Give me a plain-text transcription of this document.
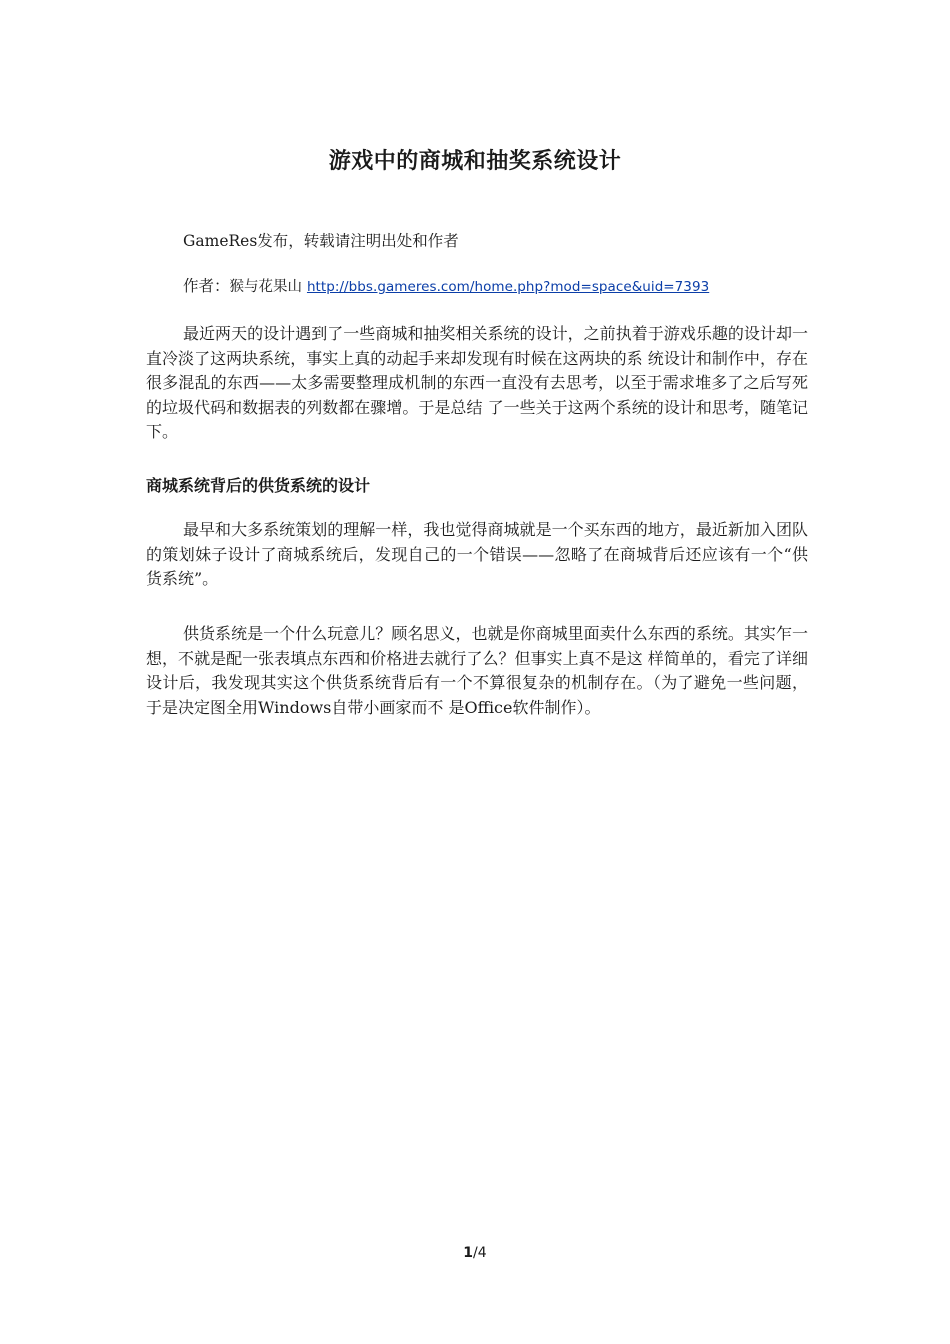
游戏中的商城和抽奖系统设计
GameRes发布，转载请注明出处和作者
作者：猴与花果山 http://bbs.gameres.com/home.php?mod=space&uid=7393

最近两天的设计遇到了一些商城和抽奖相关系统的设计，之前执着于游戏乐趣的设计却一直冷淡了这两块系统，事实上真的动起手来却发现有时候在这两块的系 统设计和制作中，存在很多混乱的东西——太多需要整理成机制的东西一直没有去思考，以至于需求堆多了之后写死的垃圾代码和数据表的列数都在骤增。于是总结 了一些关于这两个系统的设计和思考，随笔记下。

商城系统背后的供货系统的设计

最早和大多系统策划的理解一样，我也觉得商城就是一个买东西的地方，最近新加入团队的策划妹子设计了商城系统后，发现自己的一个错误——忽略了在商城背后还应该有一个“供货系统”。

供货系统是一个什么玩意儿？顾名思义，也就是你商城里面卖什么东西的系统。其实乍一想，不就是配一张表填点东西和价格进去就行了么？但事实上真不是这 样简单的，看完了详细设计后，我发现其实这个供货系统背后有一个不算很复杂的机制存在。（为了避免一些问题，于是决定图全用Windows自带小画家而不 是Office软件制作）。

1/4
